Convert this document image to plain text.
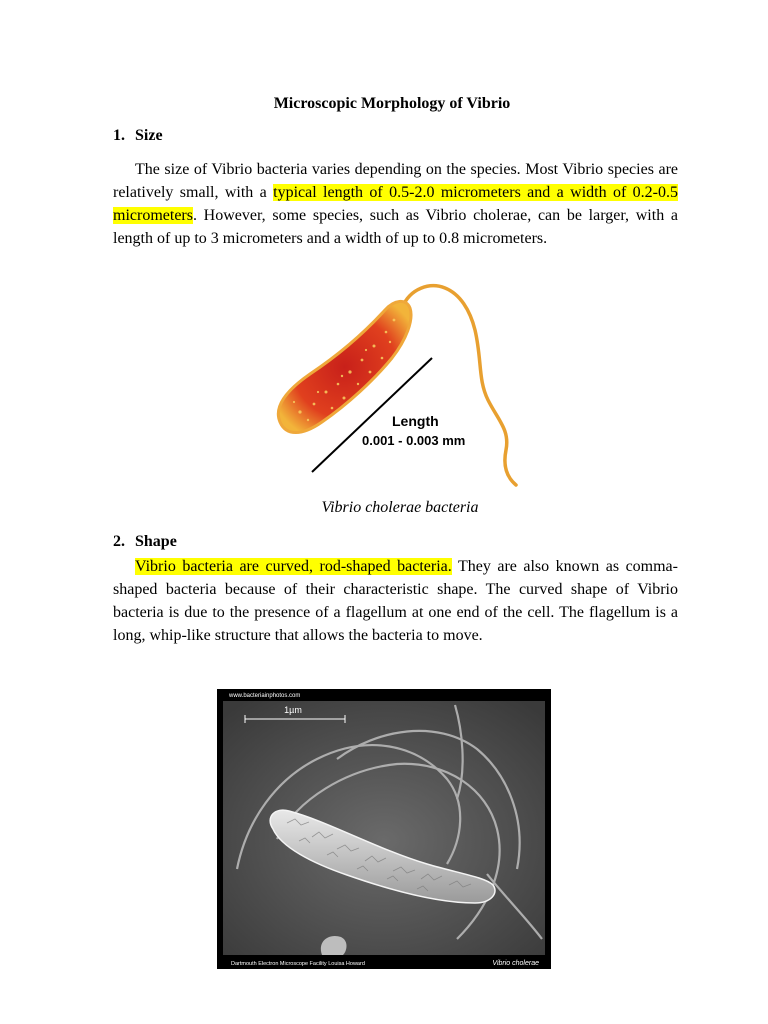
Microscopic Morphology of Vibrio
1. Size

The size of Vibrio bacteria varies depending on the species. Most Vibrio species are relatively small, with a typical length of 0.5-2.0 micrometers and a width of 0.2-0.5 micrometers. However, some species, such as Vibrio cholerae, can be larger, with a length of up to 3 micrometers and a width of up to 0.8 micrometers.

Length
0.001 - 0.003 mm

Vibrio cholerae bacteria

2. Shape

Vibrio bacteria are curved, rod-shaped bacteria. They are also known as comma-shaped bacteria because of their characteristic shape. The curved shape of Vibrio bacteria is due to the presence of a flagellum at one end of the cell. The flagellum is a long, whip-like structure that allows the bacteria to move.

www.bacteriainphotos.com
1µm
Dartmouth Electron Microscope Facility Louisa Howard	Vibrio cholerae
